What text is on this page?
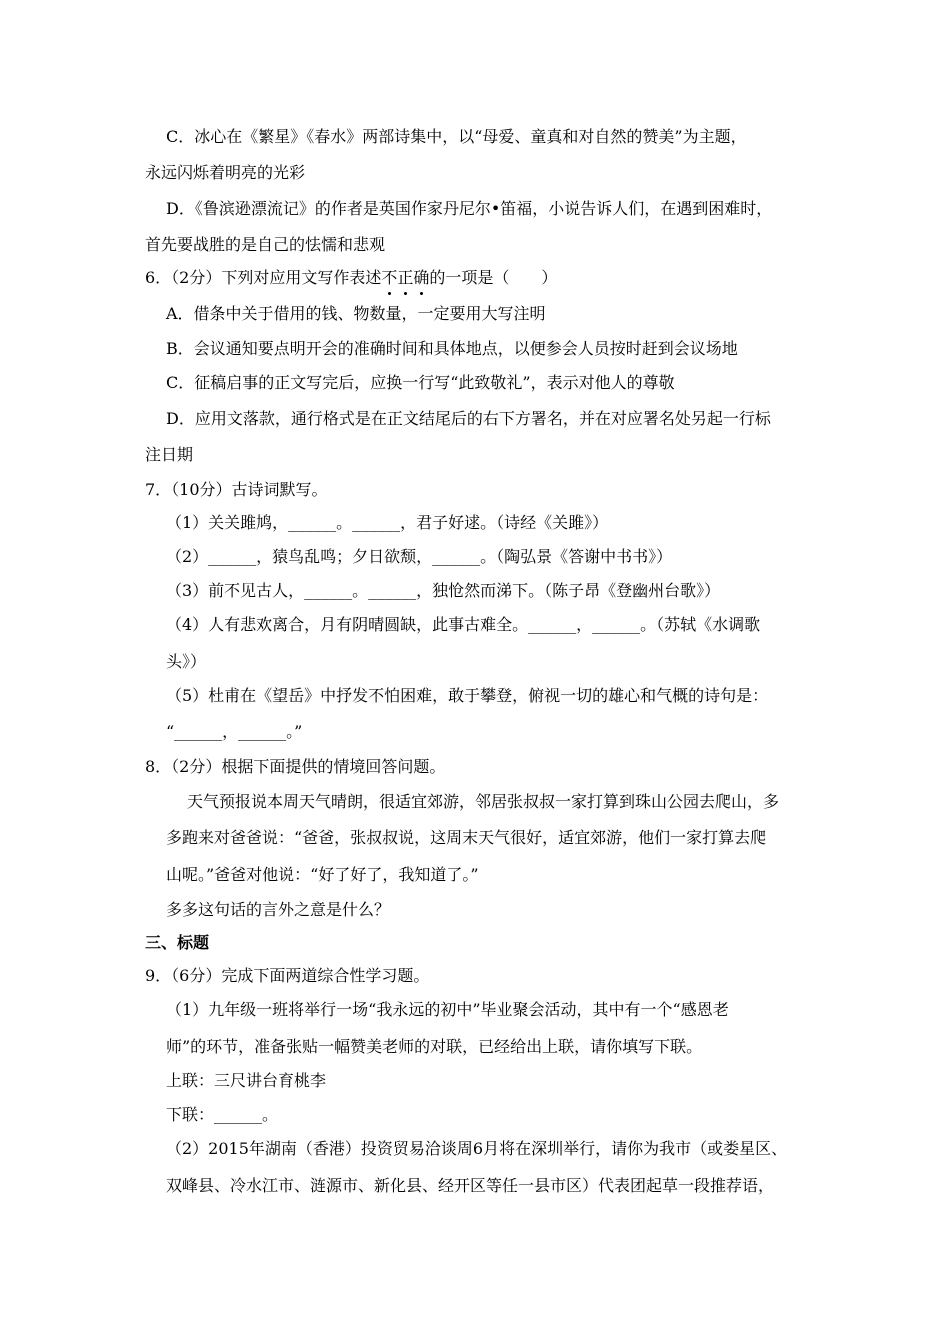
C．冰心在《繁星》《春水》两部诗集中，以“母爱、童真和对自然的赞美”为主题，
永远闪烁着明亮的光彩
D．《鲁滨逊漂流记》的作者是英国作家丹尼尔•笛福，小说告诉人们，在遇到困难时，
首先要战胜的是自己的怯懦和悲观
6．（2分）下列对应用文写作表述不正确的一项是（　　）
A．借条中关于借用的钱、物数量，一定要用大写注明
B．会议通知要点明开会的准确时间和具体地点，以便参会人员按时赶到会议场地
C．征稿启事的正文写完后，应换一行写“此致敬礼”，表示对他人的尊敬
D．应用文落款，通行格式是在正文结尾后的右下方署名，并在对应署名处另起一行标
注日期
7．（10分）古诗词默写。
（1）关关雎鸠，______。______，君子好逑。（诗经《关雎》）
（2）______，猿鸟乱鸣；夕日欲颓，______。（陶弘景《答谢中书书》）
（3）前不见古人，______。______，独怆然而涕下。（陈子昂《登幽州台歌》）
（4）人有悲欢离合，月有阴晴圆缺，此事古难全。______，______。（苏轼《水调歌
头》）
（5）杜甫在《望岳》中抒发不怕困难，敢于攀登，俯视一切的雄心和气概的诗句是：
“______，______。”
8．（2分）根据下面提供的情境回答问题。
天气预报说本周天气晴朗，很适宜郊游，邻居张叔叔一家打算到珠山公园去爬山，多
多跑来对爸爸说：“爸爸，张叔叔说，这周末天气很好，适宜郊游，他们一家打算去爬
山呢。”爸爸对他说：“好了好了，我知道了。”
多多这句话的言外之意是什么？
三、标题
9．（6分）完成下面两道综合性学习题。
（1）九年级一班将举行一场“我永远的初中”毕业聚会活动，其中有一个“感恩老
师”的环节，准备张贴一幅赞美老师的对联，已经给出上联，请你填写下联。
上联：三尺讲台育桃李
下联：______。
（2）2015年湖南（香港）投资贸易洽谈周6月将在深圳举行，请你为我市（或娄星区、
双峰县、冷水江市、涟源市、新化县、经开区等任一县市区）代表团起草一段推荐语，
